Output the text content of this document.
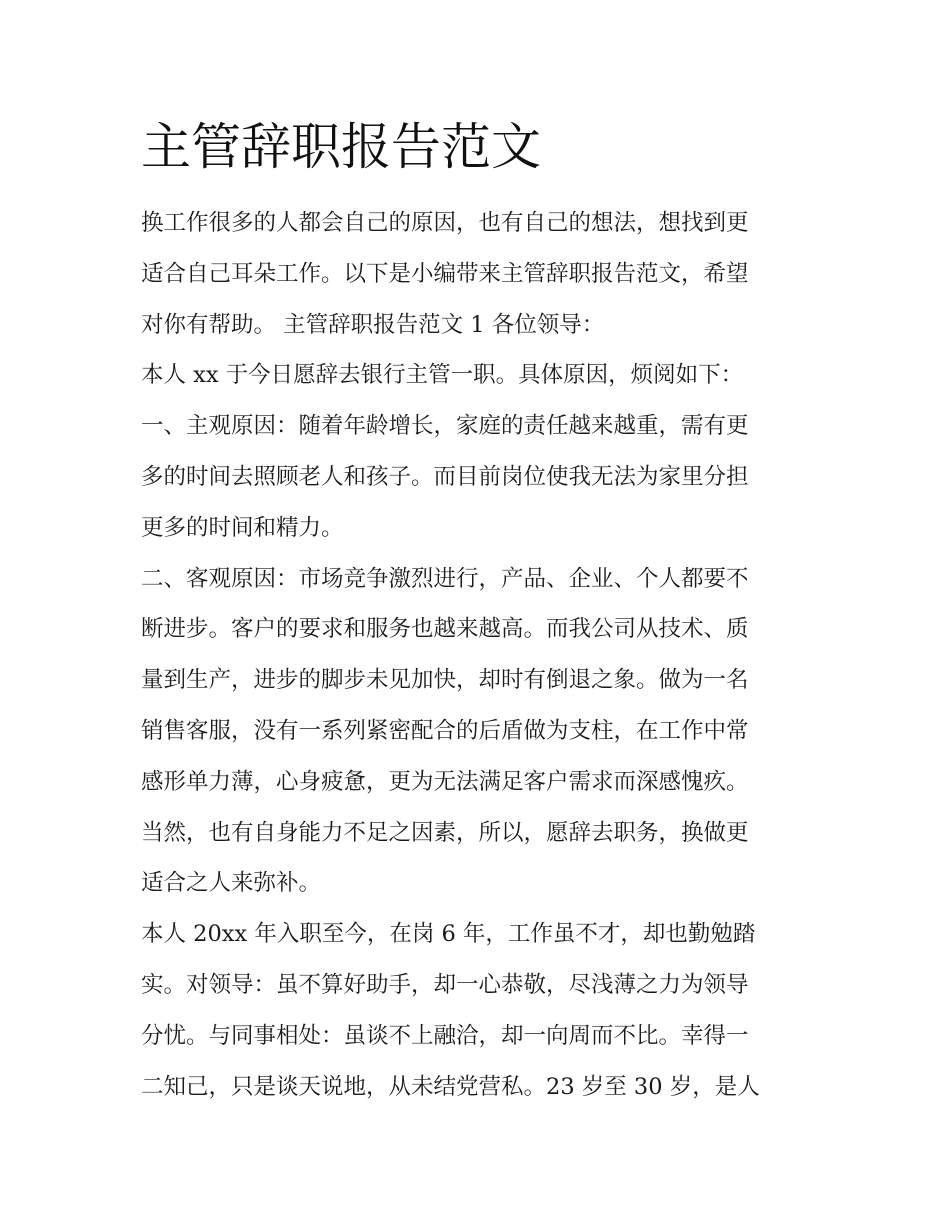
主管辞职报告范文
换工作很多的人都会自己的原因，也有自己的想法，想找到更
适合自己耳朵工作。以下是小编带来主管辞职报告范文，希望
对你有帮助。 主管辞职报告范文 1 各位领导：
本人 xx 于今日愿辞去银行主管一职。具体原因，烦阅如下：
一、主观原因：随着年龄增长，家庭的责任越来越重，需有更
多的时间去照顾老人和孩子。而目前岗位使我无法为家里分担
更多的时间和精力。
二、客观原因：市场竞争激烈进行，产品、企业、个人都要不
断进步。客户的要求和服务也越来越高。而我公司从技术、质
量到生产，进步的脚步未见加快，却时有倒退之象。做为一名
销售客服，没有一系列紧密配合的后盾做为支柱，在工作中常
感形单力薄，心身疲惫，更为无法满足客户需求而深感愧疚。
当然，也有自身能力不足之因素，所以，愿辞去职务，换做更
适合之人来弥补。
本人 20xx 年入职至今，在岗 6 年，工作虽不才，却也勤勉踏
实。对领导：虽不算好助手，却一心恭敬，尽浅薄之力为领导
分忧。与同事相处：虽谈不上融洽，却一向周而不比。幸得一
二知己，只是谈天说地，从未结党营私。23 岁至 30 岁，是人
